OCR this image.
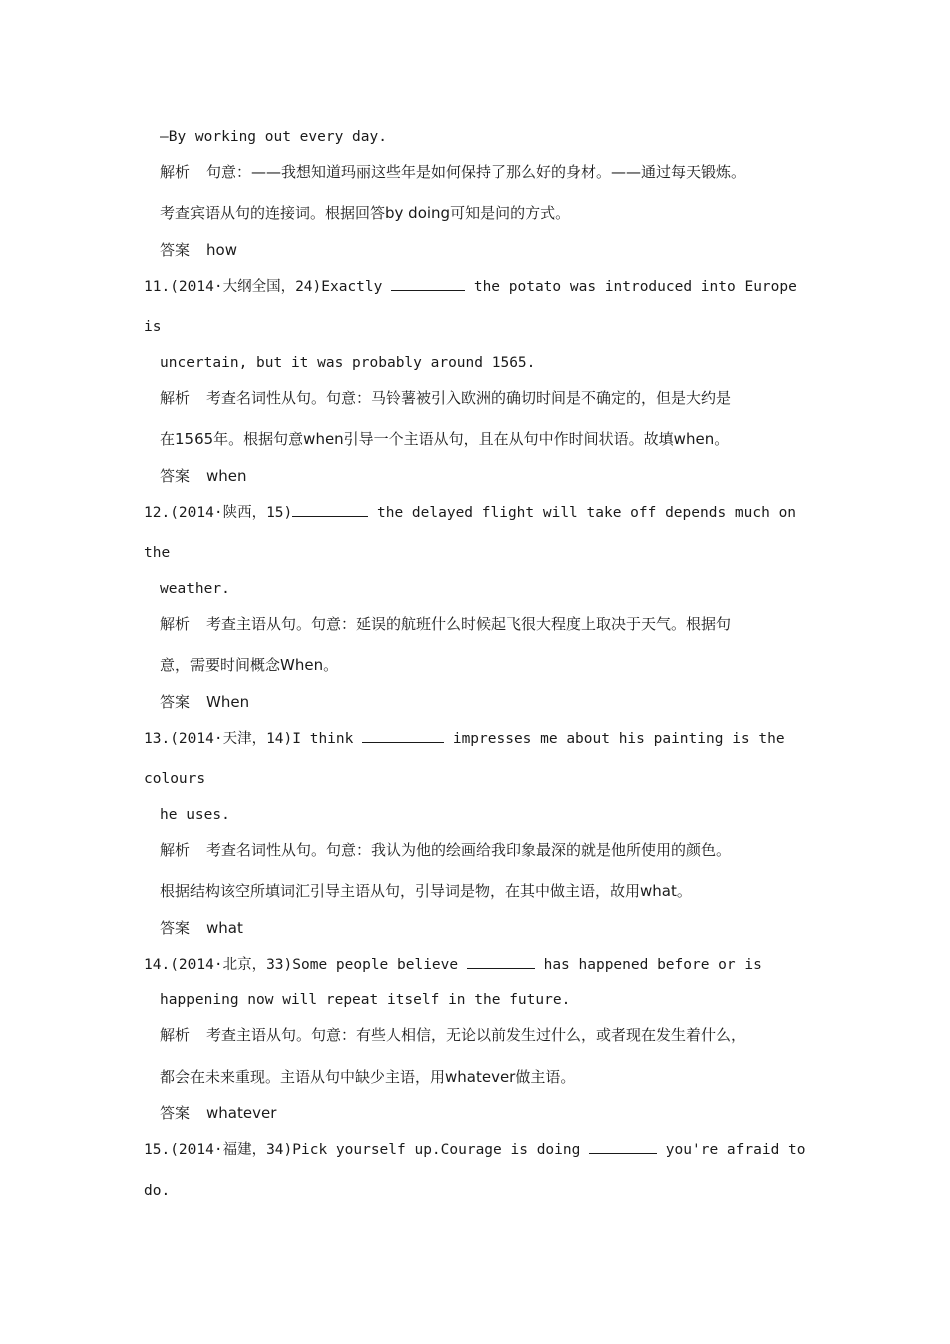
—By working out every day.
解析 句意：——我想知道玛丽这些年是如何保持了那么好的身材。——通过每天锻炼。
考查宾语从句的连接词。根据回答by doing可知是问的方式。
答案 how
11.(2014·大纲全国，24)Exactly	the potato was introduced into Europe
is
uncertain, but it was probably around 1565.
解析 考查名词性从句。句意：马铃薯被引入欧洲的确切时间是不确定的，但是大约是
在1565年。根据句意when引导一个主语从句，且在从句中作时间状语。故填when。
答案 when
12.(2014·陕西，15)	the delayed flight will take off depends much on
the
weather.
解析 考查主语从句。句意：延误的航班什么时候起飞很大程度上取决于天气。根据句
意，需要时间概念When。
答案 When
13.(2014·天津，14)I think	impresses me about his painting is the
colours
he uses.
解析 考查名词性从句。句意：我认为他的绘画给我印象最深的就是他所使用的颜色。
根据结构该空所填词汇引导主语从句，引导词是物，在其中做主语，故用what。
答案 what
14.(2014·北京，33)Some people believe	has happened before or is
happening now will repeat itself in the future.
解析 考查主语从句。句意：有些人相信，无论以前发生过什么，或者现在发生着什么，
都会在未来重现。主语从句中缺少主语，用whatever做主语。
答案 whatever
15.(2014·福建，34)Pick yourself up.Courage is doing	you're afraid to
do.
